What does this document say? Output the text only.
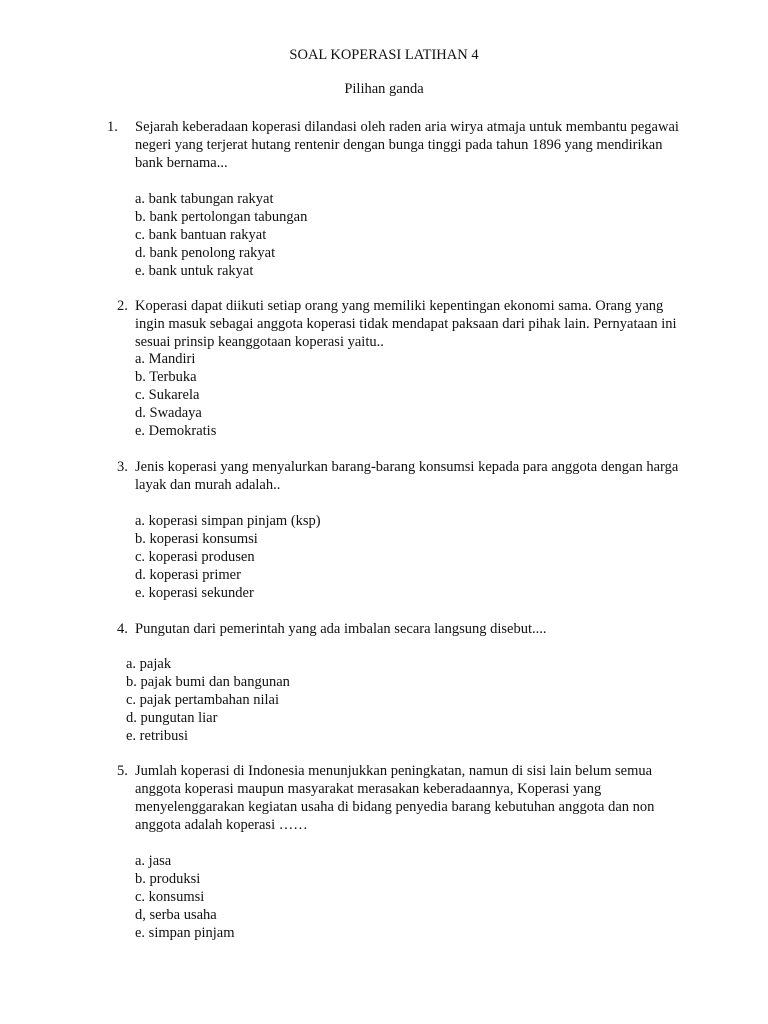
SOAL KOPERASI LATIHAN 4
Pilihan ganda
1. Sejarah keberadaan koperasi dilandasi oleh raden aria wirya atmaja untuk membantu pegawai negeri yang terjerat hutang rentenir dengan bunga tinggi pada tahun 1896 yang mendirikan bank bernama...
a. bank tabungan rakyat
b. bank pertolongan tabungan
c. bank bantuan rakyat
d. bank penolong rakyat
e. bank untuk rakyat
2. Koperasi dapat diikuti setiap orang yang memiliki kepentingan ekonomi sama. Orang yang ingin masuk sebagai anggota koperasi tidak mendapat paksaan dari pihak lain. Pernyataan ini sesuai prinsip keanggotaan koperasi yaitu..
a. Mandiri
b. Terbuka
c. Sukarela
d. Swadaya
e. Demokratis
3. Jenis koperasi yang menyalurkan barang-barang konsumsi kepada para anggota dengan harga layak dan murah adalah..
a. koperasi simpan pinjam (ksp)
b. koperasi konsumsi
c. koperasi produsen
d. koperasi primer
e. koperasi sekunder
4. Pungutan dari pemerintah yang ada imbalan secara langsung disebut....
a. pajak
b. pajak bumi dan bangunan
c. pajak pertambahan nilai
d. pungutan liar
e. retribusi
5. Jumlah koperasi di Indonesia menunjukkan peningkatan, namun di sisi lain belum semua anggota koperasi maupun masyarakat merasakan keberadaannya, Koperasi yang menyelenggarakan kegiatan usaha di bidang penyedia barang kebutuhan anggota dan non anggota adalah koperasi ……
a. jasa
b. produksi
c. konsumsi
d, serba usaha
e. simpan pinjam
